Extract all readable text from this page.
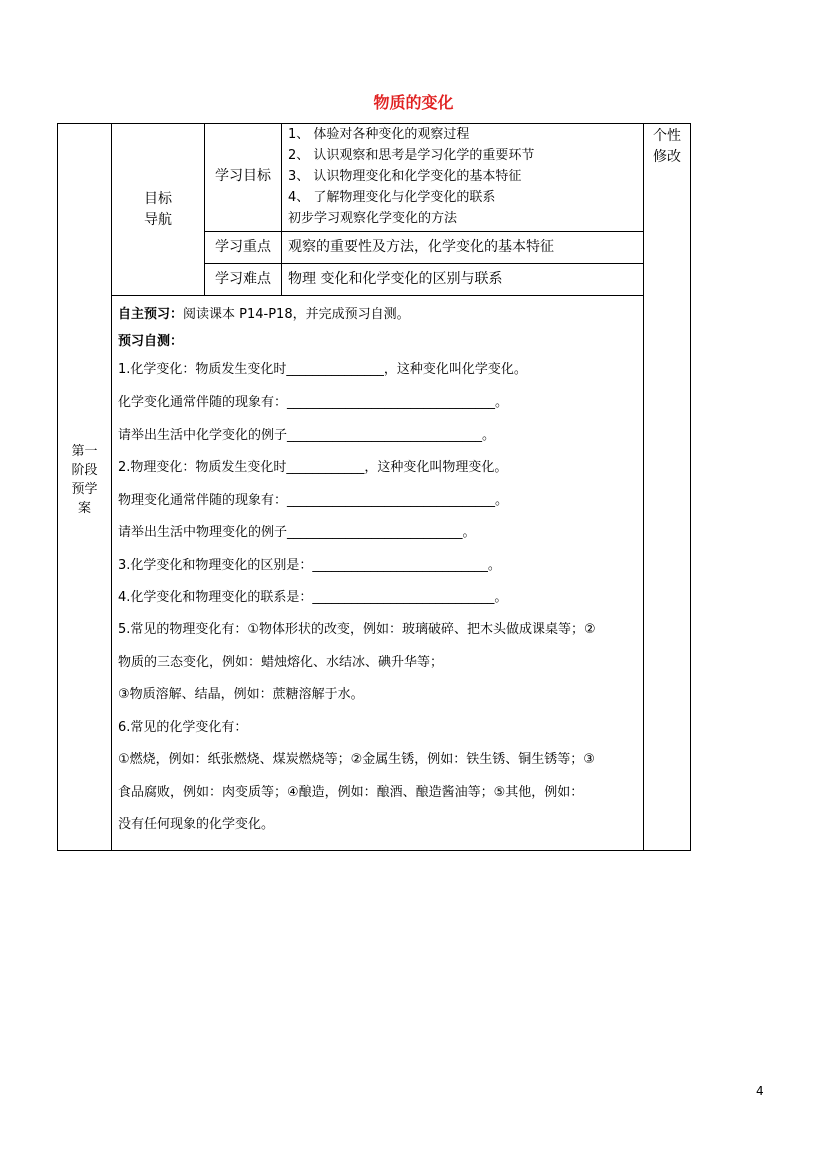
物质的变化
第一
阶段
预学
案
目标
导航
个性
修改
学习目标
1、 体验对各种变化的观察过程
2、 认识观察和思考是学习化学的重要环节
3、 认识物理变化和化学变化的基本特征
4、 了解物理变化与化学变化的联系
初步学习观察化学变化的方法
学习重点	观察的重要性及方法，化学变化的基本特征
学习难点	物理 变化和化学变化的区别与联系
自主预习：阅读课本 P14-P18，并完成预习自测。
预习自测：
1.化学变化：物质发生变化时_______________，这种变化叫化学变化。
化学变化通常伴随的现象有：________________________________。
请举出生活中化学变化的例子______________________________。
2.物理变化：物质发生变化时____________，这种变化叫物理变化。
物理变化通常伴随的现象有：________________________________。
请举出生活中物理变化的例子___________________________。
3.化学变化和物理变化的区别是：___________________________。
4.化学变化和物理变化的联系是：____________________________。
5.常见的物理变化有：①物体形状的改变，例如：玻璃破碎、把木头做成课桌等；②
物质的三态变化，例如：蜡烛熔化、水结冰、碘升华等；
③物质溶解、结晶，例如：蔗糖溶解于水。
6.常见的化学变化有：
①燃烧，例如：纸张燃烧、煤炭燃烧等；②金属生锈，例如：铁生锈、铜生锈等；③
食品腐败，例如：肉变质等；④酿造，例如：酿酒、酿造酱油等；⑤其他，例如：
没有任何现象的化学变化。
4
